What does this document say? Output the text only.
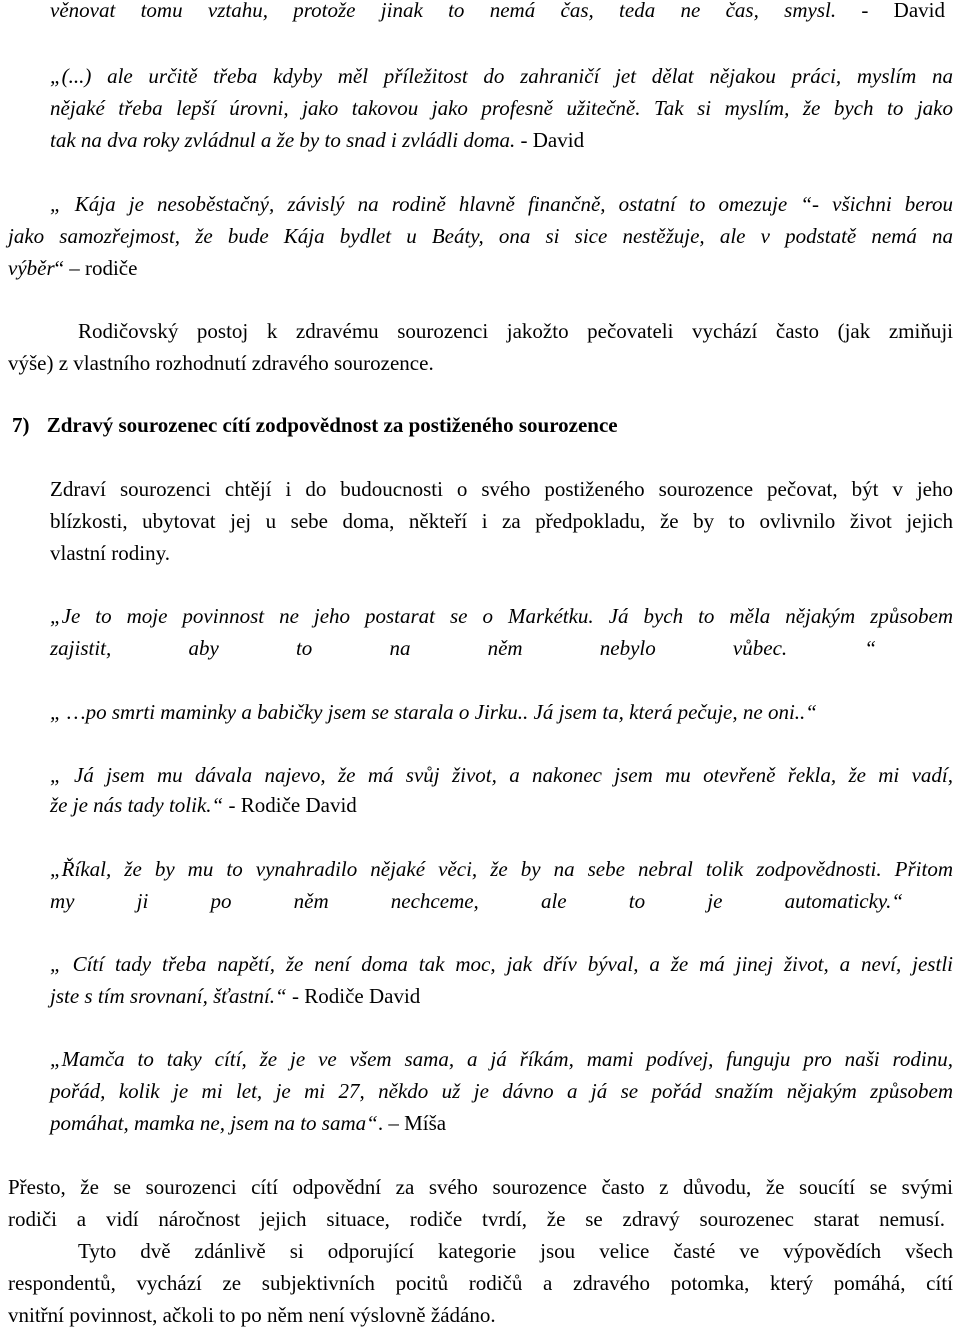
věnovat tomu vztahu, protože jinak to nemá čas, teda ne čas, smysl. - David
„(...) ale určitě třeba kdyby měl příležitost do zahraničí jet dělat nějakou práci, myslím na
nějaké třeba lepší úrovni, jako takovou jako profesně užitečně. Tak si myslím, že bych to jako
tak na dva roky zvládnul a že by to snad i zvládli doma. - David
„ Kája je nesoběstačný, závislý na rodině hlavně finančně, ostatní to omezuje “- všichni berou
jako samozřejmost, že bude Kája bydlet u Beáty, ona si sice nestěžuje, ale v podstatě nemá na
výběr“ – rodiče
Rodičovský postoj k zdravému sourozenci jakožto pečovateli vychází často (jak zmiňuji
výše) z vlastního rozhodnutí zdravého sourozence.
7) Zdravý sourozenec cítí zodpovědnost za postiženého sourozence
Zdraví sourozenci chtějí i do budoucnosti o svého postiženého sourozence pečovat, být v jeho
blízkosti, ubytovat jej u sebe doma, někteří i za předpokladu, že by to ovlivnilo život jejich
vlastní rodiny.
„Je to moje povinnost ne jeho postarat se o Markétku. Já bych to měla nějakým způsobem
zajistit,	aby	to	na	něm	nebylo	vůbec.	“
„ …po smrti maminky a babičky jsem se starala o Jirku.. Já jsem ta, která pečuje, ne oni..“
„ Já jsem mu dávala najevo, že má svůj život, a nakonec jsem mu otevřeně řekla, že mi vadí,
že je nás tady tolik.“ - Rodiče David
„Říkal, že by mu to vynahradilo nějaké věci, že by na sebe nebral tolik zodpovědnosti. Přitom
my	ji	po	něm	nechceme,	ale	to	je	automaticky.“
„ Cítí tady třeba napětí, že není doma tak moc, jak dřív býval, a že má jinej život, a neví, jestli
jste s tím srovnaní, šťastní.“ - Rodiče David
„Mamča to taky cítí, že je ve všem sama, a já říkám, mami podívej, funguju pro naši rodinu,
pořád, kolik je mi let, je mi 27, někdo už je dávno a já se pořád snažím nějakým způsobem
pomáhat, mamka ne, jsem na to sama“. – Míša
Přesto, že se sourozenci cítí odpovědní za svého sourozence často z důvodu, že soucítí se svými
rodiči a vidí náročnost jejich situace, rodiče tvrdí, že se zdravý sourozenec starat nemusí.
Tyto dvě zdánlivě si odporující kategorie jsou velice časté ve výpovědích všech
respondentů, vychází ze subjektivních pocitů rodičů a zdravého potomka, který pomáhá, cítí
vnitřní povinnost, ačkoli to po něm není výslovně žádáno.
